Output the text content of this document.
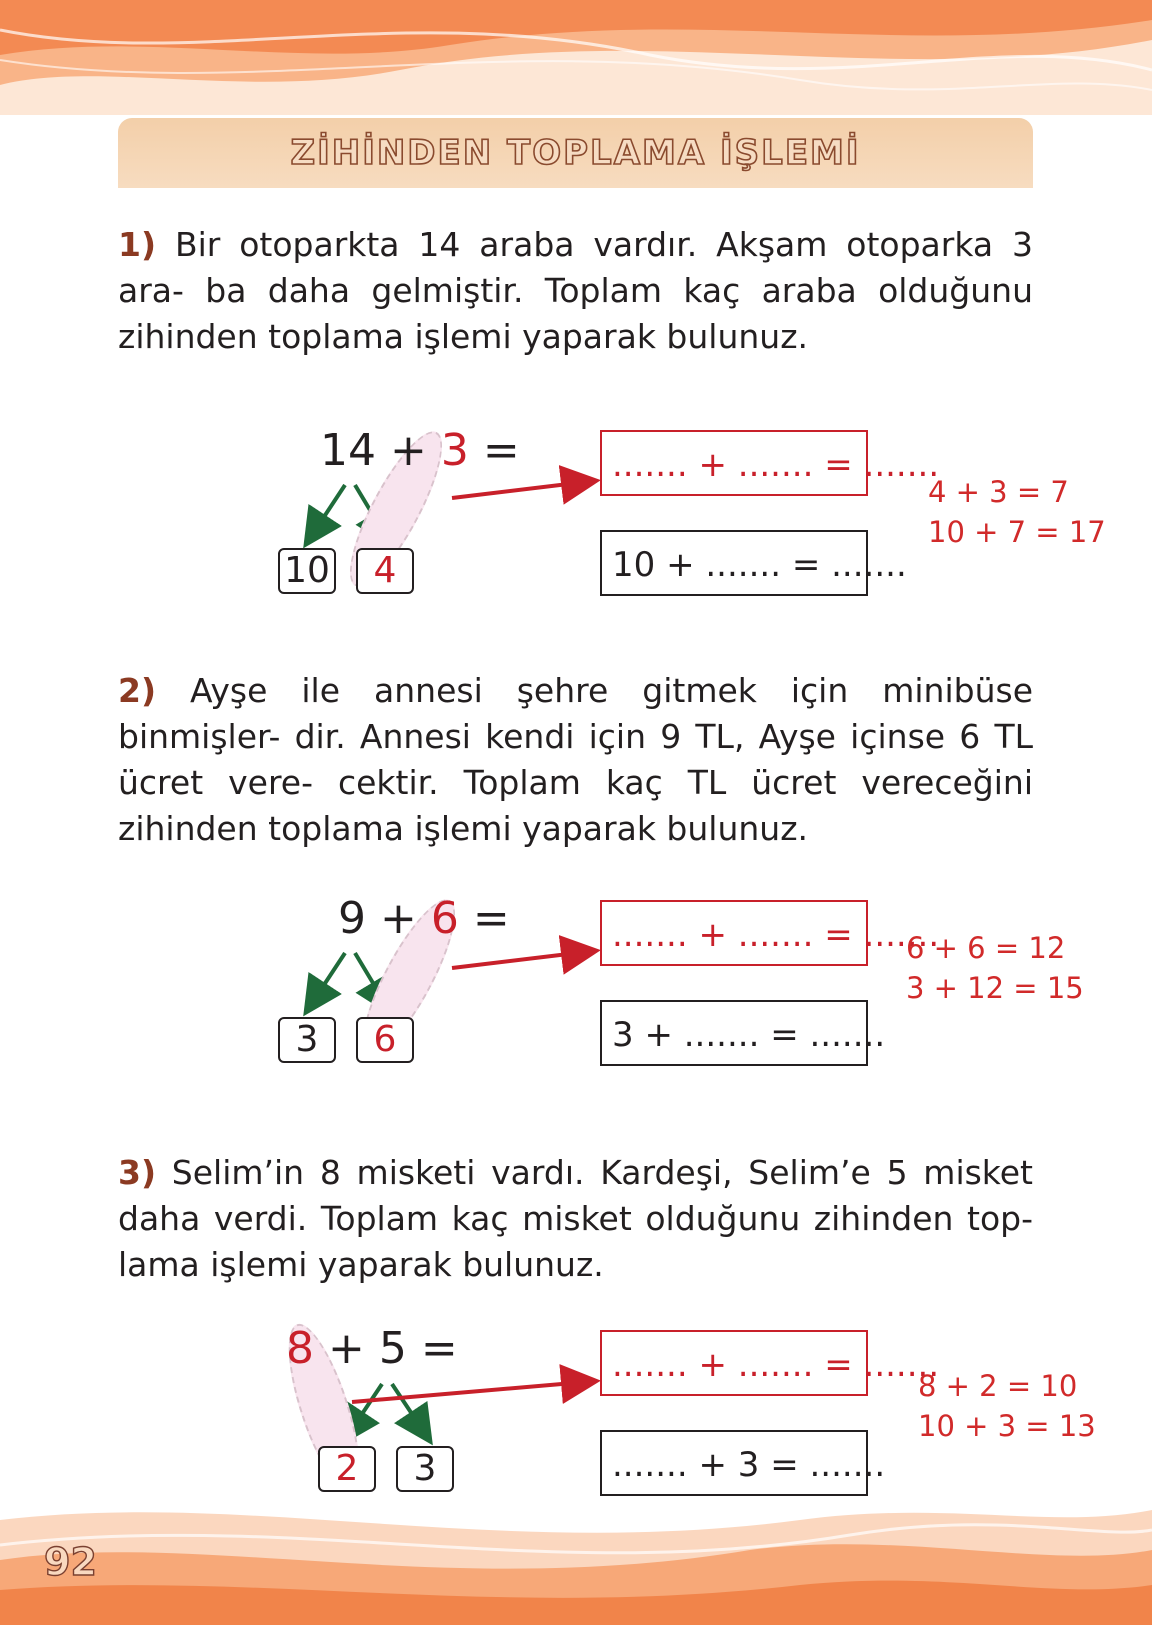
ZİHİNDEN TOPLAMA İŞLEMİ
1) Bir otoparkta 14 araba vardır. Akşam otoparka 3 ara- ba daha gelmiştir. Toplam kaç araba olduğunu zihinden toplama işlemi yaparak bulunuz.
14 + 3 =
10	4
....... + ....... = .......
10 + ....... = .......
4 + 3 = 7
10 + 7 = 17
2) Ayşe ile annesi şehre gitmek için minibüse binmişler- dir. Annesi kendi için 9 TL, Ayşe içinse 6 TL ücret vere- cektir. Toplam kaç TL ücret vereceğini zihinden toplama işlemi yaparak bulunuz.
9 + 6 =
3	6
....... + ....... = .......
3 + ....... = .......
6 + 6 = 12
3 + 12 = 15
3) Selim’in 8 misketi vardı. Kardeşi, Selim’e 5 misket daha verdi. Toplam kaç misket olduğunu zihinden top- lama işlemi yaparak bulunuz.
8 + 5 =
2	3
....... + ....... = .......
....... + 3 = .......
8 + 2 = 10
10 + 3 = 13
92
